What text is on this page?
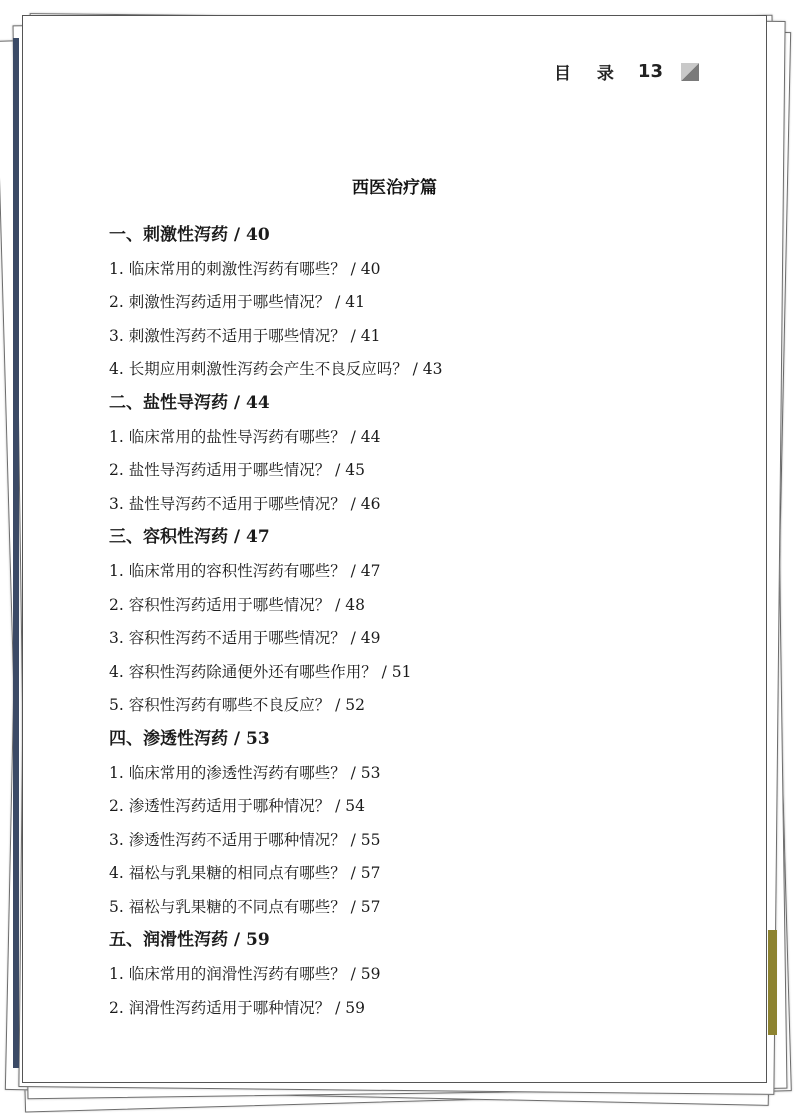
目 录 13
西医治疗篇
一、刺激性泻药 / 40
1. 临床常用的刺激性泻药有哪些？ / 40
2. 刺激性泻药适用于哪些情况？ / 41
3. 刺激性泻药不适用于哪些情况？ / 41
4. 长期应用刺激性泻药会产生不良反应吗？ / 43
二、盐性导泻药 / 44
1. 临床常用的盐性导泻药有哪些？ / 44
2. 盐性导泻药适用于哪些情况？ / 45
3. 盐性导泻药不适用于哪些情况？ / 46
三、容积性泻药 / 47
1. 临床常用的容积性泻药有哪些？ / 47
2. 容积性泻药适用于哪些情况？ / 48
3. 容积性泻药不适用于哪些情况？ / 49
4. 容积性泻药除通便外还有哪些作用？ / 51
5. 容积性泻药有哪些不良反应？ / 52
四、渗透性泻药 / 53
1. 临床常用的渗透性泻药有哪些？ / 53
2. 渗透性泻药适用于哪种情况？ / 54
3. 渗透性泻药不适用于哪种情况？ / 55
4. 福松与乳果糖的相同点有哪些？ / 57
5. 福松与乳果糖的不同点有哪些？ / 57
五、润滑性泻药 / 59
1. 临床常用的润滑性泻药有哪些？ / 59
2. 润滑性泻药适用于哪种情况？ / 59
